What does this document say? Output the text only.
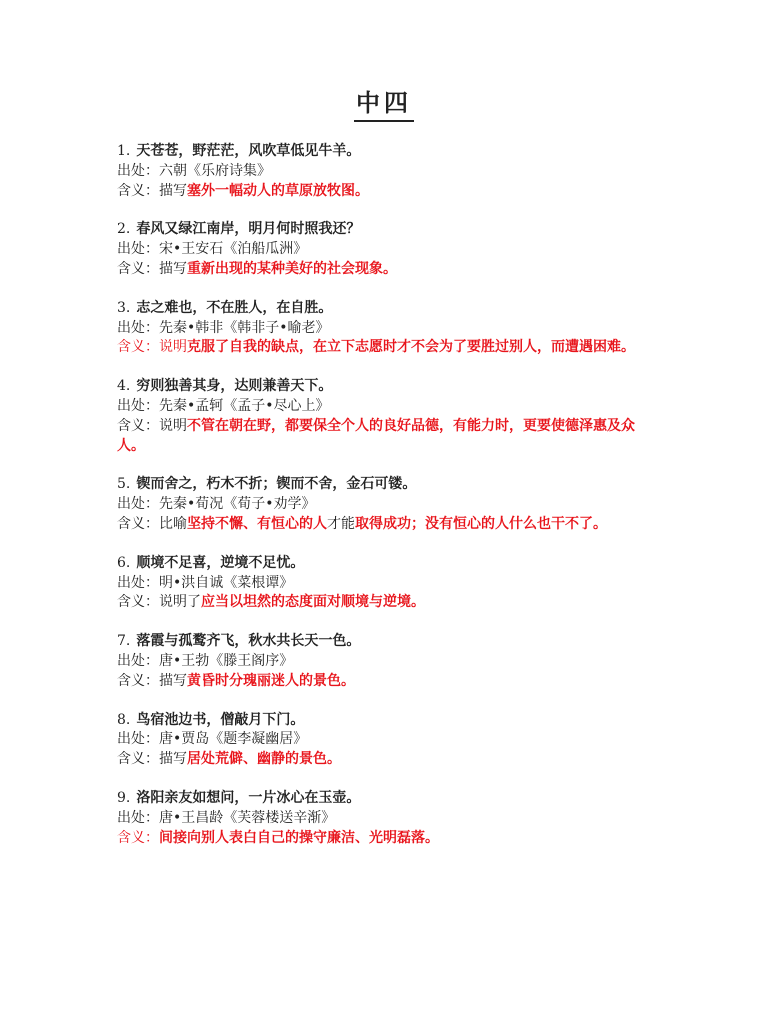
中四
1. 天苍苍，野茫茫，风吹草低见牛羊。
出处：六朝《乐府诗集》
含义：描写塞外一幅动人的草原放牧图。
2. 春风又绿江南岸，明月何时照我还？
出处：宋•王安石《泊船瓜洲》
含义：描写重新出现的某种美好的社会现象。
3. 志之难也，不在胜人，在自胜。
出处：先秦•韩非《韩非子•喻老》
含义：说明克服了自我的缺点，在立下志愿时才不会为了要胜过别人，而遭遇困难。
4. 穷则独善其身，达则兼善天下。
出处：先秦•孟轲《孟子•尽心上》
含义：说明不管在朝在野，都要保全个人的良好品德，有能力时，更要使德泽惠及众人。
5. 锲而舍之，朽木不折；锲而不舍，金石可镂。
出处：先秦•荀况《荀子•劝学》
含义：比喻坚持不懈、有恒心的人才能取得成功；没有恒心的人什么也干不了。
6. 顺境不足喜，逆境不足忧。
出处：明•洪自诚《菜根谭》
含义：说明了应当以坦然的态度面对顺境与逆境。
7. 落霞与孤鹜齐飞，秋水共长天一色。
出处：唐•王勃《滕王阁序》
含义：描写黄昏时分瑰丽迷人的景色。
8. 鸟宿池边书，僧敲月下门。
出处：唐•贾岛《题李凝幽居》
含义：描写居处荒僻、幽静的景色。
9. 洛阳亲友如想问，一片冰心在玉壶。
出处：唐•王昌龄《芙蓉楼送辛渐》
含义：间接向别人表白自己的操守廉洁、光明磊落。
